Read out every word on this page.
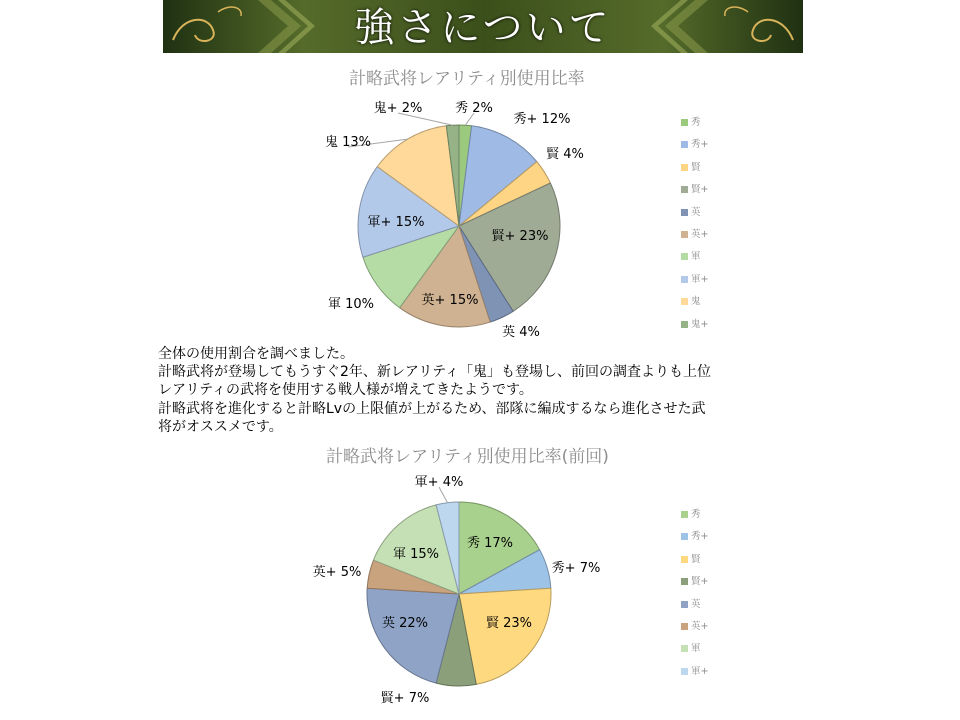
強さについて
計略武将レアリティ別使用比率
計略武将レアリティ別使用比率(前回)
秀 2%
秀+ 12%
賢 4%
賢+ 23%
英 4%
英+ 15%
軍 10%
軍+ 15%
鬼 13%
鬼+ 2%
秀 17%
秀+ 7%
賢 23%
賢+ 7%
英 22%
英+ 5%
軍 15%
軍+ 4%
秀
秀+
賢
賢+
英
英+
軍
軍+
鬼
鬼+
秀
秀+
賢
賢+
英
英+
軍
軍+
全体の使用割合を調べました。
計略武将が登場してもうすぐ2年、新レアリティ「鬼」も登場し、前回の調査よりも上位
レアリティの武将を使用する戦人様が増えてきたようです。
計略武将を進化すると計略Lvの上限値が上がるため、部隊に編成するなら進化させた武
将がオススメです。
